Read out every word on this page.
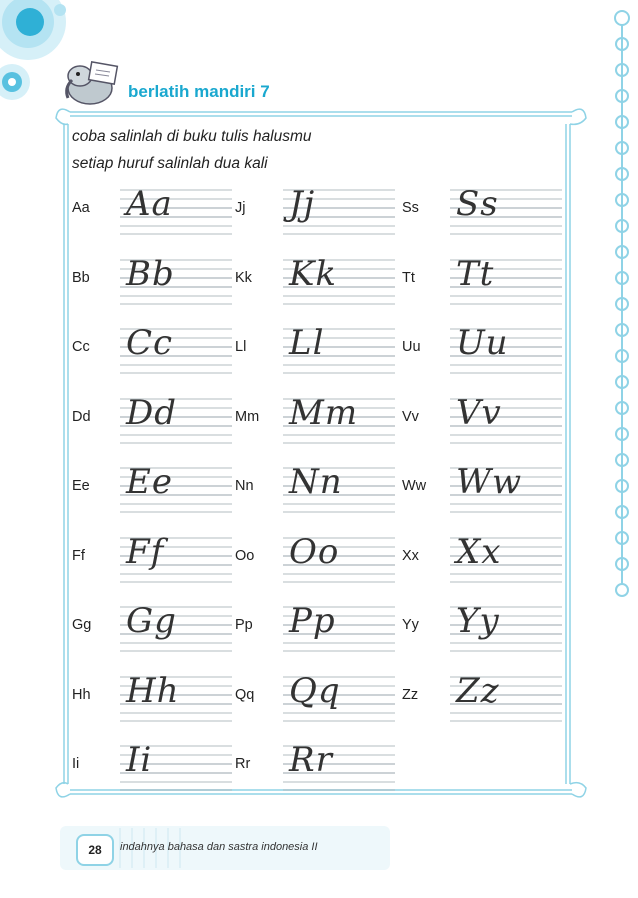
berlatih mandiri 7
coba salinlah di buku tulis halusmu
setiap huruf salinlah dua kali
Aa Aa
Bb Bb
Cc Cc
Dd Dd
Ee Ee
Ff Ff
Gg Gg
Hh Hh
Ii Ii
Jj Jj
Kk Kk
Ll Ll
Mm Mm
Nn Nn
Oo Oo
Pp Pp
Qq Qq
Rr Rr
Ss Ss
Tt Tt
Uu Uu
Vv Vv
Ww Ww
Xx Xx
Yy Yy
Zz Zz
28	indahnya bahasa dan sastra indonesia II
